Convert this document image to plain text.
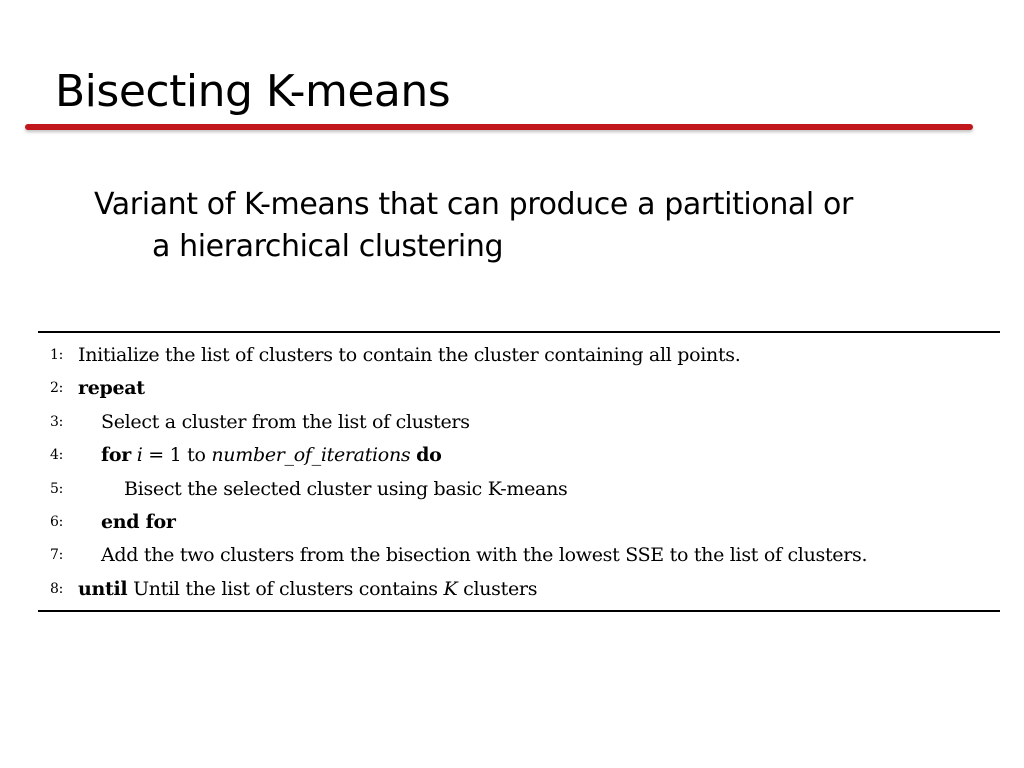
Bisecting K-means

Variant of K-means that can produce a partitional or
a hierarchical clustering

1: Initialize the list of clusters to contain the cluster containing all points.
2: repeat
3:	Select a cluster from the list of clusters
4:	for i = 1 to number_of_iterations do
5:	Bisect the selected cluster using basic K-means
6:	end for
7:	Add the two clusters from the bisection with the lowest SSE to the list of clusters.
8: until Until the list of clusters contains K clusters
